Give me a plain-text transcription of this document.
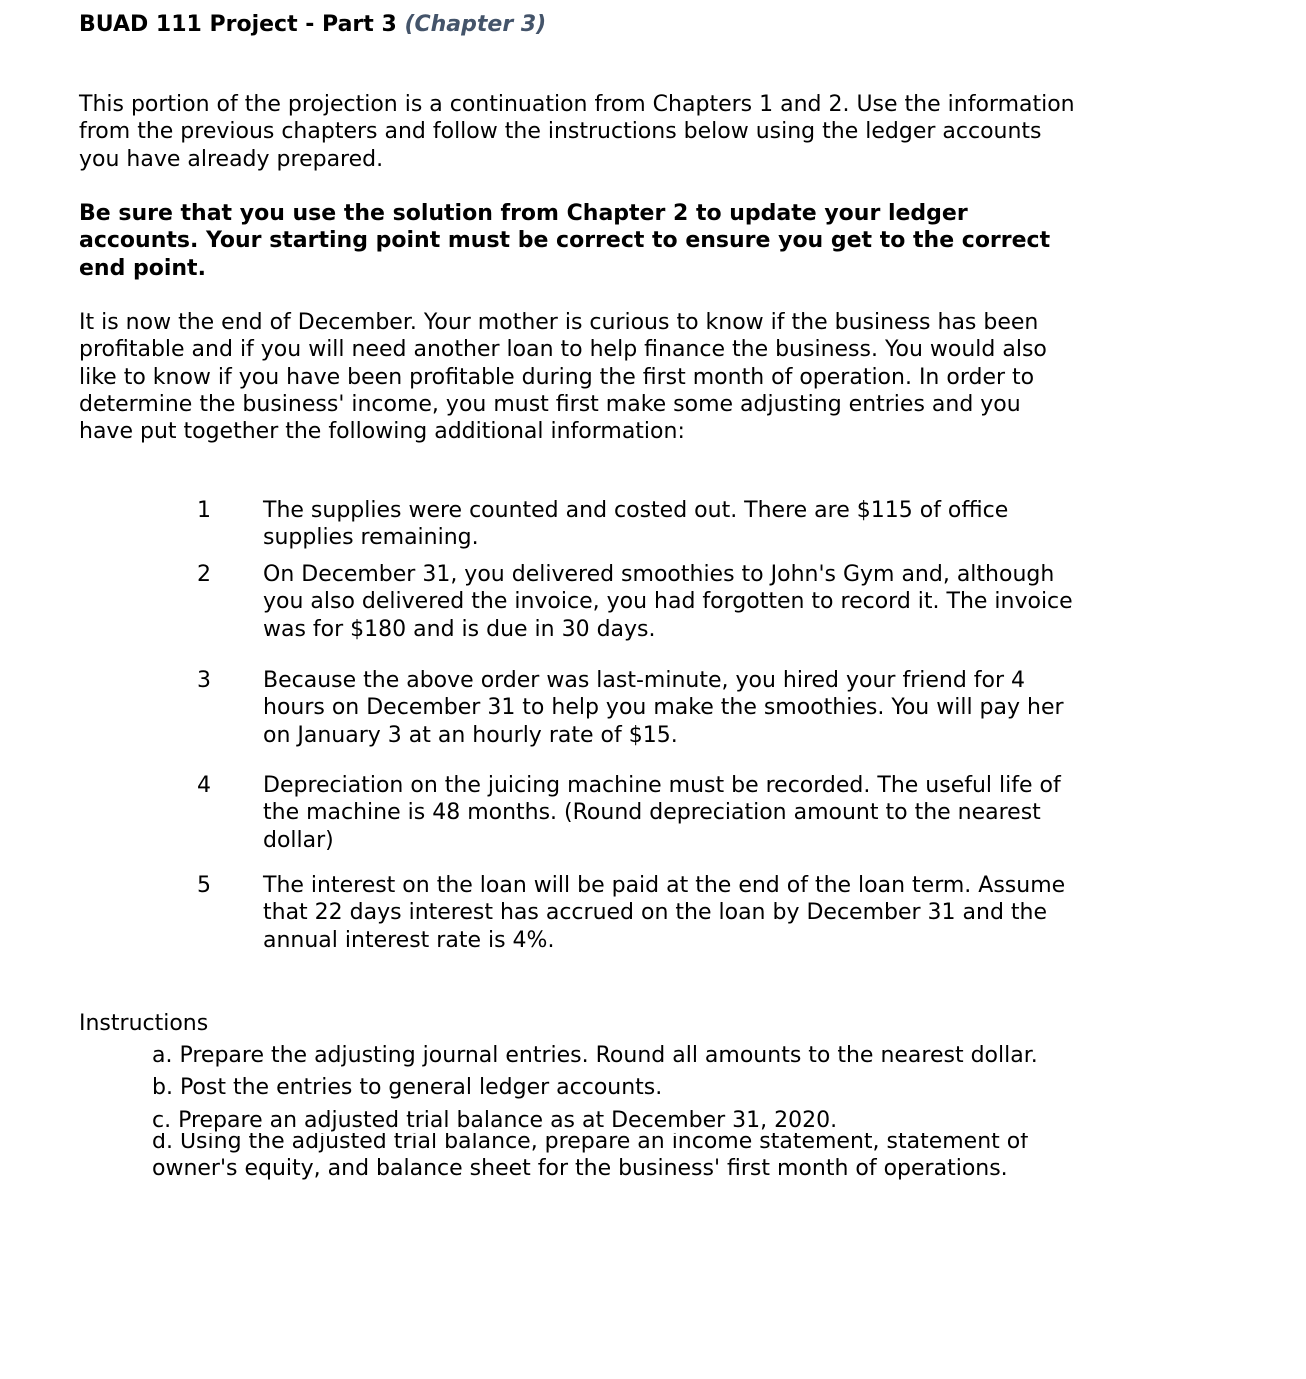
BUAD 111 Project - Part 3 (Chapter 3)
This portion of the projection is a continuation from Chapters 1 and 2. Use the information from the previous chapters and follow the instructions below using the ledger accounts you have already prepared.
Be sure that you use the solution from Chapter 2 to update your ledger accounts. Your starting point must be correct to ensure you get to the correct end point.
It is now the end of December. Your mother is curious to know if the business has been profitable and if you will need another loan to help finance the business. You would also like to know if you have been profitable during the first month of operation. In order to determine the business' income, you must first make some adjusting entries and you have put together the following additional information:
1	The supplies were counted and costed out. There are $115 of office supplies remaining.
2	On December 31, you delivered smoothies to John's Gym and, although you also delivered the invoice, you had forgotten to record it. The invoice was for $180 and is due in 30 days.
3	Because the above order was last-minute, you hired your friend for 4 hours on December 31 to help you make the smoothies. You will pay her on January 3 at an hourly rate of $15.
4	Depreciation on the juicing machine must be recorded. The useful life of the machine is 48 months. (Round depreciation amount to the nearest dollar)
5	The interest on the loan will be paid at the end of the loan term. Assume that 22 days interest has accrued on the loan by December 31 and the annual interest rate is 4%.
Instructions
a. Prepare the adjusting journal entries. Round all amounts to the nearest dollar.
b. Post the entries to general ledger accounts.
c. Prepare an adjusted trial balance as at December 31, 2020.
d. Using the adjusted trial balance, prepare an income statement, statement of owner's equity, and balance sheet for the business' first month of operations.
